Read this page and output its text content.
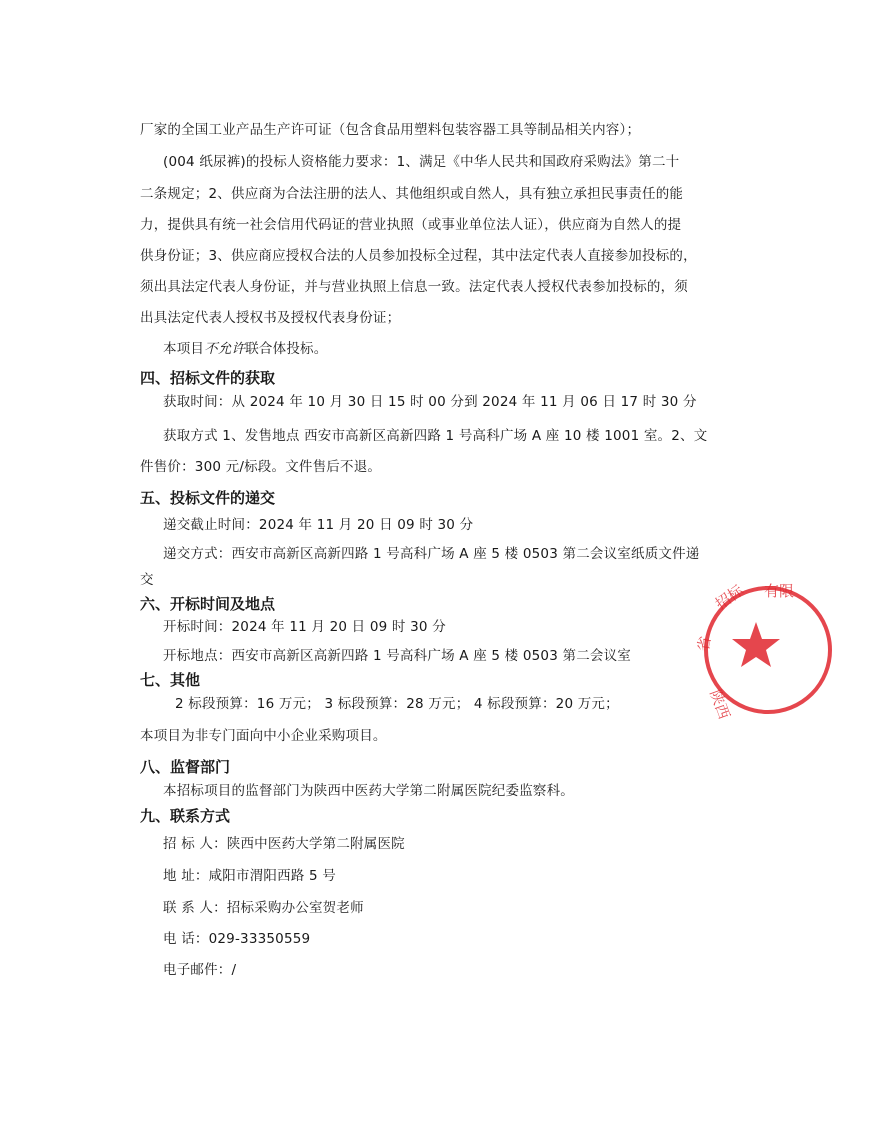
厂家的全国工业产品生产许可证（包含食品用塑料包装容器工具等制品相关内容）；
(004 纸尿裤)的投标人资格能力要求：1、满足《中华人民共和国政府采购法》第二十
二条规定；2、供应商为合法注册的法人、其他组织或自然人，具有独立承担民事责任的能
力，提供具有统一社会信用代码证的营业执照（或事业单位法人证），供应商为自然人的提
供身份证；3、供应商应授权合法的人员参加投标全过程，其中法定代表人直接参加投标的，
须出具法定代表人身份证，并与营业执照上信息一致。法定代表人授权代表参加投标的，须
出具法定代表人授权书及授权代表身份证；
本项目不允许联合体投标。
四、招标文件的获取
获取时间：从 2024 年 10 月 30 日 15 时 00 分到 2024 年 11 月 06 日 17 时 30 分
获取方式 1、发售地点 西安市高新区高新四路 1 号高科广场 A 座 10 楼 1001 室。2、文
件售价：300 元/标段。文件售后不退。
五、投标文件的递交
递交截止时间：2024 年 11 月 20 日 09 时 30 分
递交方式：西安市高新区高新四路 1 号高科广场 A 座 5 楼 0503 第二会议室纸质文件递
交
六、开标时间及地点
开标时间：2024 年 11 月 20 日 09 时 30 分
开标地点：西安市高新区高新四路 1 号高科广场 A 座 5 楼 0503 第二会议室
七、其他
2 标段预算：16 万元； 3 标段预算：28 万元； 4 标段预算：20 万元；
本项目为非专门面向中小企业采购项目。
八、监督部门
本招标项目的监督部门为陕西中医药大学第二附属医院纪委监察科。
九、联系方式
招 标 人：陕西中医药大学第二附属医院
地 址：咸阳市渭阳西路 5 号
联 系 人：招标采购办公室贺老师
电 话：029-33350559
电子邮件：/
招标 有限
陕西
省
